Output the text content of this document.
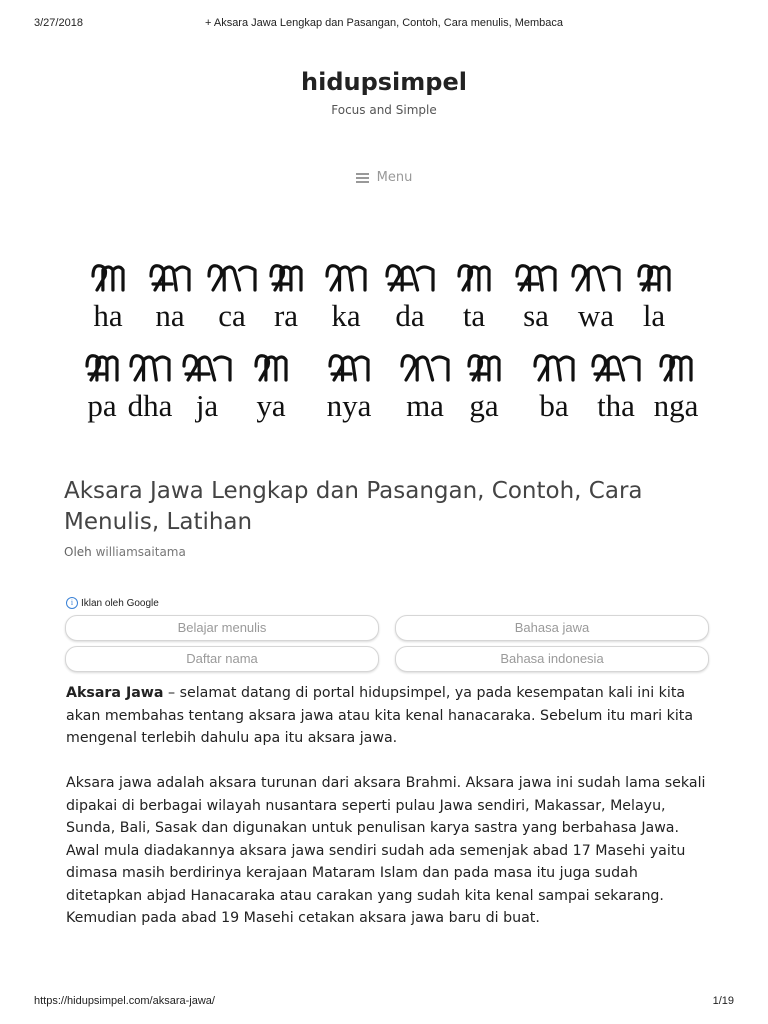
3/27/2018	+ Aksara Jawa Lengkap dan Pasangan, Contoh, Cara menulis, Membaca
hidupsimpel
Focus and Simple
Menu
ha na ca ra ka da ta sa wa la
pa dha ja ya nya ma ga ba tha nga
Aksara Jawa Lengkap dan Pasangan, Contoh, Cara Menulis, Latihan
Oleh williamsaitama
i Iklan oleh Google
Belajar menulis	Bahasa jawa
Daftar nama	Bahasa indonesia

Aksara Jawa – selamat datang di portal hidupsimpel, ya pada kesempatan kali ini kita akan membahas tentang aksara jawa atau kita kenal hanacaraka. Sebelum itu mari kita mengenal terlebih dahulu apa itu aksara jawa.

Aksara jawa adalah aksara turunan dari aksara Brahmi. Aksara jawa ini sudah lama sekali dipakai di berbagai wilayah nusantara seperti pulau Jawa sendiri, Makassar, Melayu, Sunda, Bali, Sasak dan digunakan untuk penulisan karya sastra yang berbahasa Jawa. Awal mula diadakannya aksara jawa sendiri sudah ada semenjak abad 17 Masehi yaitu dimasa masih berdirinya kerajaan Mataram Islam dan pada masa itu juga sudah ditetapkan abjad Hanacaraka atau carakan yang sudah kita kenal sampai sekarang. Kemudian pada abad 19 Masehi cetakan aksara jawa baru di buat.

https://hidupsimpel.com/aksara-jawa/	1/19
